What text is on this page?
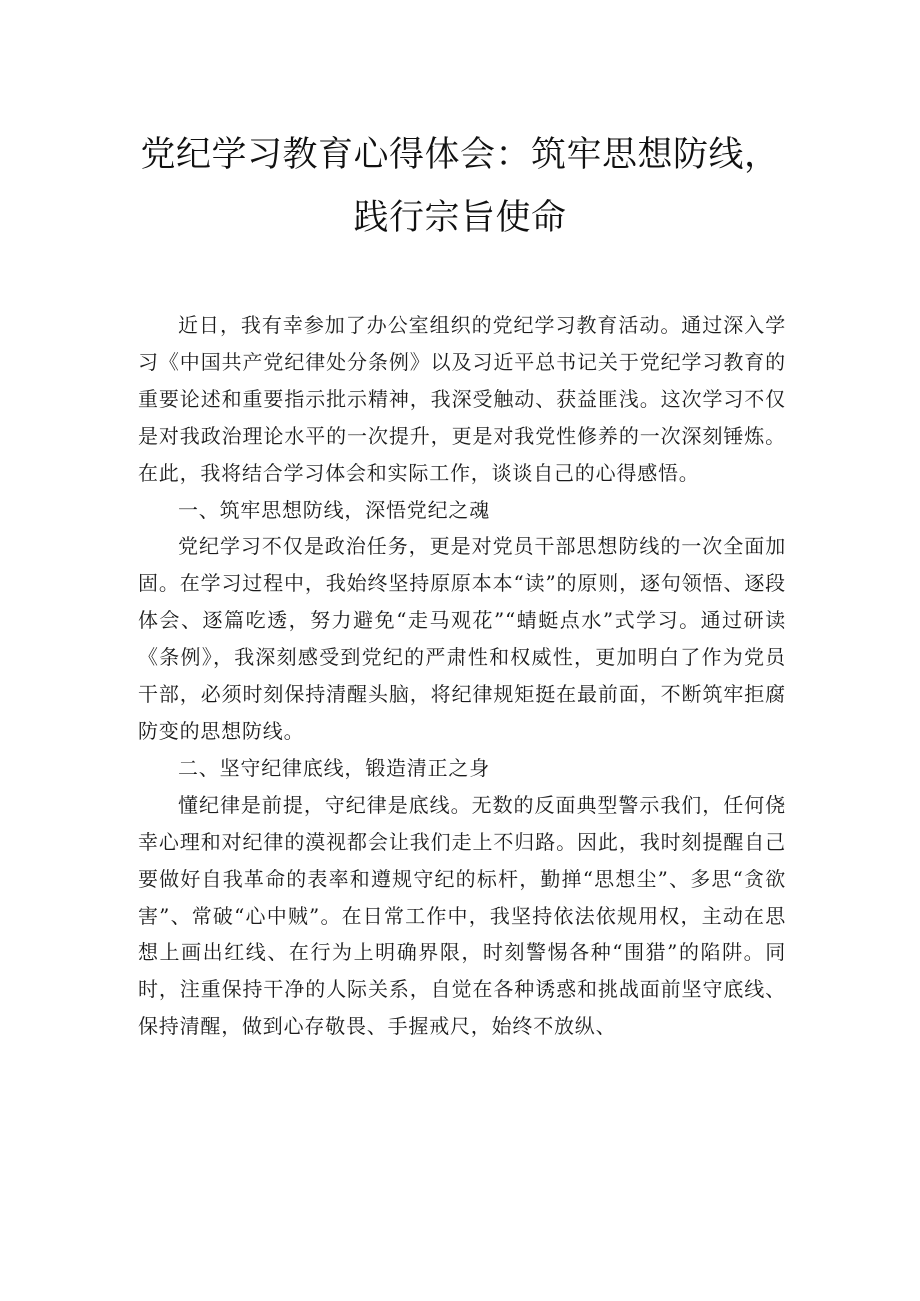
党纪学习教育心得体会：筑牢思想防线，践行宗旨使命

近日，我有幸参加了办公室组织的党纪学习教育活动。通过深入学习《中国共产党纪律处分条例》以及习近平总书记关于党纪学习教育的重要论述和重要指示批示精神，我深受触动、获益匪浅。这次学习不仅是对我政治理论水平的一次提升，更是对我党性修养的一次深刻锤炼。在此，我将结合学习体会和实际工作，谈谈自己的心得感悟。

一、筑牢思想防线，深悟党纪之魂

党纪学习不仅是政治任务，更是对党员干部思想防线的一次全面加固。在学习过程中，我始终坚持原原本本“读”的原则，逐句领悟、逐段体会、逐篇吃透，努力避免“走马观花”“蜻蜓点水”式学习。通过研读《条例》，我深刻感受到党纪的严肃性和权威性，更加明白了作为党员干部，必须时刻保持清醒头脑，将纪律规矩挺在最前面，不断筑牢拒腐防变的思想防线。

二、坚守纪律底线，锻造清正之身

懂纪律是前提，守纪律是底线。无数的反面典型警示我们，任何侥幸心理和对纪律的漠视都会让我们走上不归路。因此，我时刻提醒自己要做好自我革命的表率和遵规守纪的标杆，勤掸“思想尘”、多思“贪欲害”、常破“心中贼”。在日常工作中，我坚持依法依规用权，主动在思想上画出红线、在行为上明确界限，时刻警惕各种“围猎”的陷阱。同时，注重保持干净的人际关系，自觉在各种诱惑和挑战面前坚守底线、保持清醒，做到心存敬畏、手握戒尺，始终不放纵、
